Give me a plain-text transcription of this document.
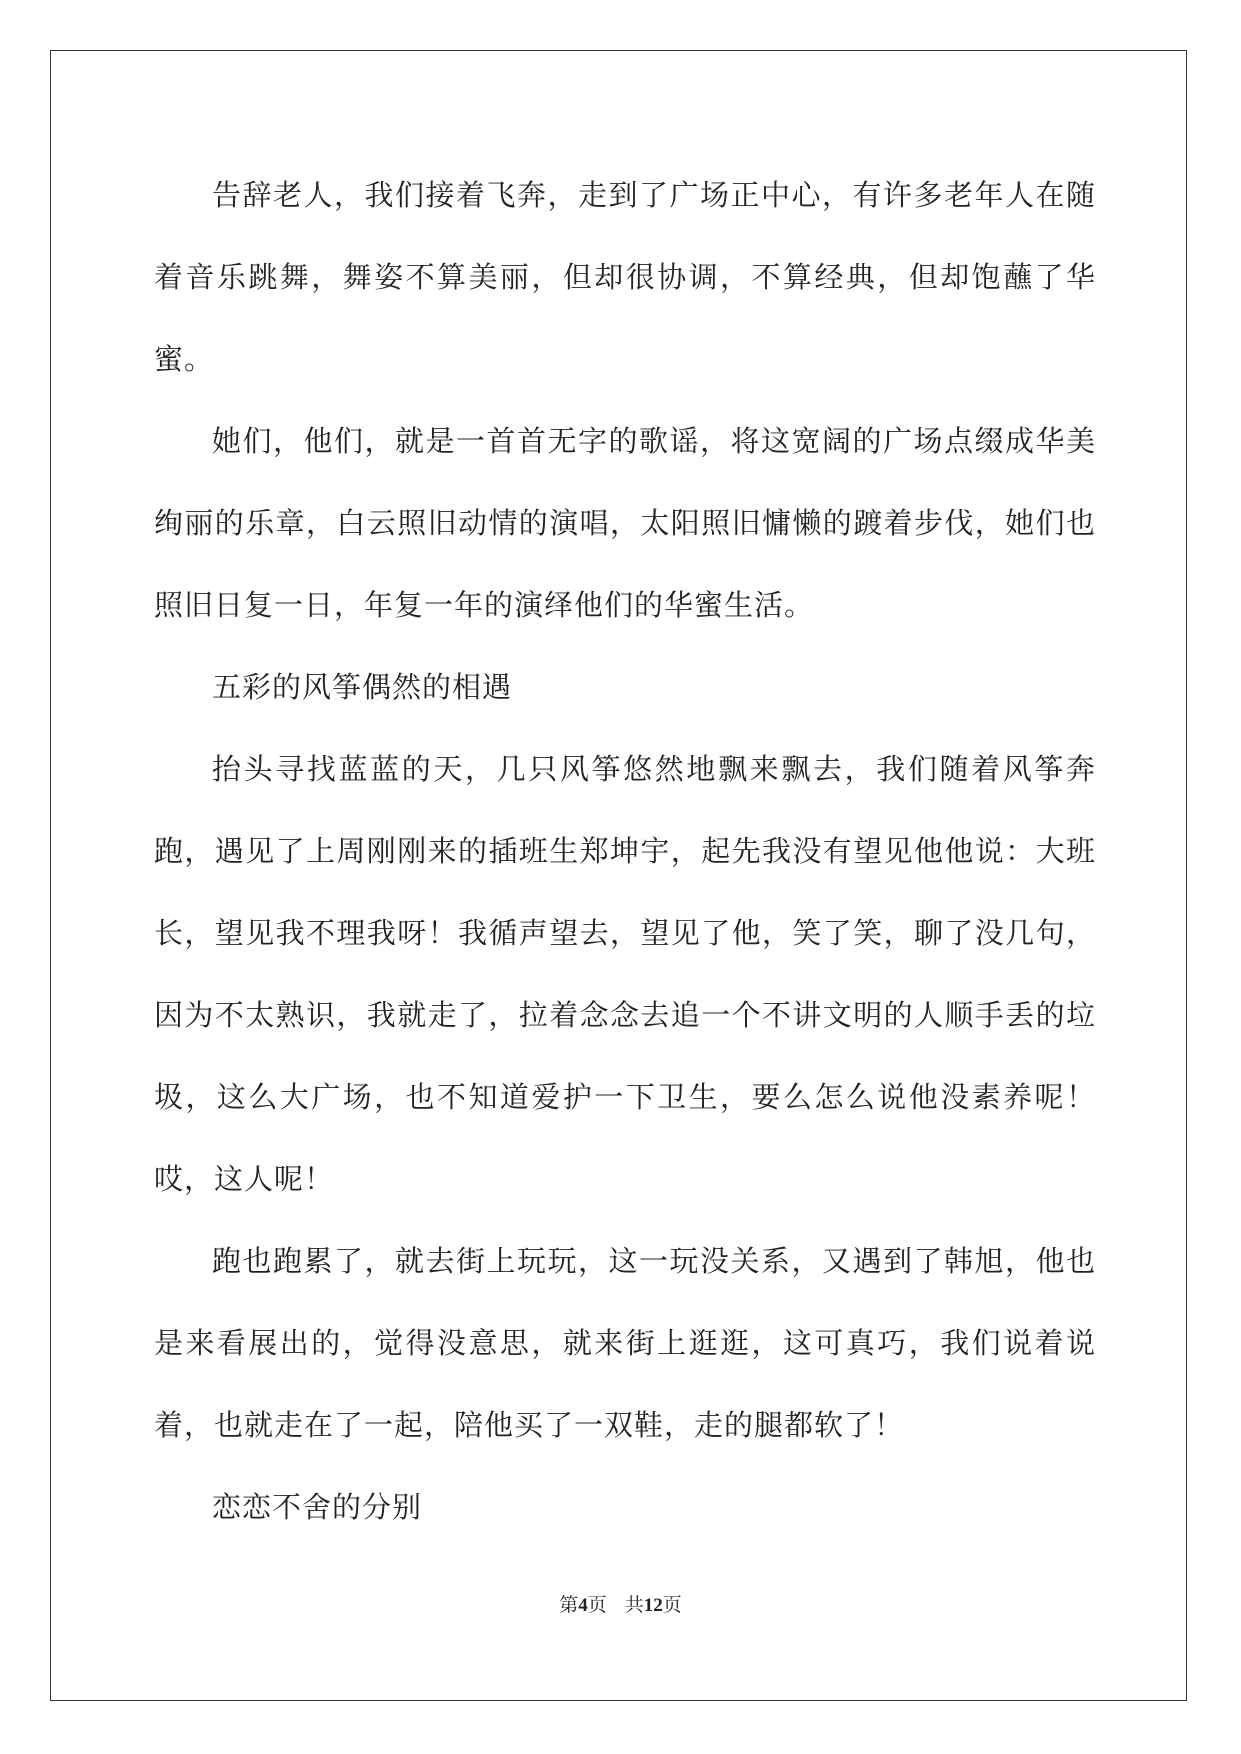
告辞老人，我们接着飞奔，走到了广场正中心，有许多老年人在随着音乐跳舞，舞姿不算美丽，但却很协调，不算经典，但却饱蘸了华蜜。

她们，他们，就是一首首无字的歌谣，将这宽阔的广场点缀成华美绚丽的乐章，白云照旧动情的演唱，太阳照旧慵懒的踱着步伐，她们也照旧日复一日，年复一年的演绎他们的华蜜生活。

五彩的风筝偶然的相遇

抬头寻找蓝蓝的天，几只风筝悠然地飘来飘去，我们随着风筝奔跑，遇见了上周刚刚来的插班生郑坤宇，起先我没有望见他他说：大班长，望见我不理我呀！我循声望去，望见了他，笑了笑，聊了没几句，因为不太熟识，我就走了，拉着念念去追一个不讲文明的人顺手丢的垃圾，这么大广场，也不知道爱护一下卫生，要么怎么说他没素养呢！哎，这人呢！

跑也跑累了，就去街上玩玩，这一玩没关系，又遇到了韩旭，他也是来看展出的，觉得没意思，就来街上逛逛，这可真巧，我们说着说着，也就走在了一起，陪他买了一双鞋，走的腿都软了！

恋恋不舍的分别

第4页 共12页
